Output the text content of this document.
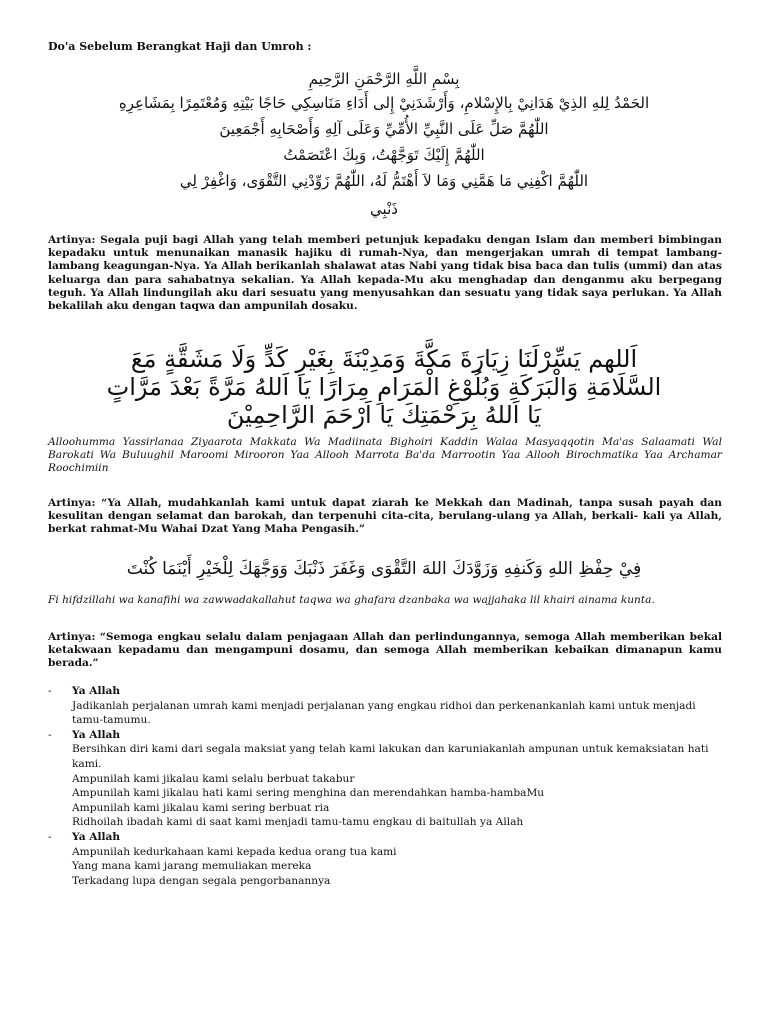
Do'a Sebelum Berangkat Haji dan Umroh :
بِسْمِ اللَّهِ الرَّحْمَنِ الرَّحِيمِ
الحَمْدُ لِلهِ الذِيْ هَدَانِيْ بِالإِسْلامِ، وَأَرْشَدَنِيْ إِلى أَدَاءِ مَنَاسِكِي حَاجًا بَيْتِهِ وَمُعْتَمِرًا بِمَشَاعِرِهِ
اللّٰهُمَّ صَلِّ عَلَى النَّبِيِّ الأُمِّيِّ وَعَلَى آلِهِ وَأَصْحَابِهِ أَجْمَعِينَ
اللّٰهُمَّ إِلَيْكَ تَوَجَّهْتُ، وَبِكَ اعْتَصَمْتُ
اللّٰهُمَّ اكْفِنِي مَا هَمَّنِي وَمَا لاَ أَهْتَمُّ لَهُ، اللّٰهُمَّ زَوِّدْنِي التَّقْوَى، وَاغْفِرْ لِي
ذَنْبِي
Artinya: Segala puji bagi Allah yang telah memberi petunjuk kepadaku dengan Islam dan memberi bimbingan kepadaku untuk menunaikan manasik hajiku di rumah-Nya, dan mengerjakan umrah di tempat lambang-lambang keagungan-Nya. Ya Allah berikanlah shalawat atas Nabi yang tidak bisa baca dan tulis (ummi) dan atas keluarga dan para sahabatnya sekalian. Ya Allah kepada-Mu aku menghadap dan denganmu aku berpegang teguh. Ya Allah lindungilah aku dari sesuatu yang menyusahkan dan sesuatu yang tidak saya perlukan. Ya Allah bekalilah aku dengan taqwa dan ampunilah dosaku.
اَللهم يَسِّرْلَنَا زِيَارَةَ مَكَّةَ وَمَدِيْنَةَ بِغَيْرِ كَدٍّ وَلَا مَشَقَّةٍ مَعَ
السَّلَامَةِ وَالْبَرَكَةِ وَبُلُوْغِ الْمَرَامِ مِرَارًا يَا اَللهُ مَرَّةً بَعْدَ مَرَّاتٍ
يَا اَللهُ بِرَحْمَتِكَ يَا اَرْحَمَ الرَّاحِمِيْنَ
Alloohumma Yassirlanaa Ziyaarota Makkata Wa Madiinata Bighoiri Kaddin Walaa Masyaqqotin Ma'as Salaamati Wal Barokati Wa Buluughil Maroomi Mirooron Yaa Allooh Marrota Ba'da Marrootin Yaa Allooh Birochmatika Yaa Archamar Roochimiin
Artinya: “Ya Allah, mudahkanlah kami untuk dapat ziarah ke Mekkah dan Madinah, tanpa susah payah dan kesulitan dengan selamat dan barokah, dan terpenuhi cita-cita, berulang-ulang ya Allah, berkali- kali ya Allah, berkat rahmat-Mu Wahai Dzat Yang Maha Pengasih.”
فِيْ حِفْظِ اللهِ وَكَنفِهِ وَزَوَّدَكَ اللهَ التَّقْوَى وَغَفَرَ ذَنْبَكَ وَوَجَّهَكَ لِلْخَيْرِ أَيْنَمَا كُنْتَ
Fi hifdzillahi wa kanafihi wa zawwadakallahut taqwa wa ghafara dzanbaka wa wajjahaka lil khairi ainama kunta.
Artinya: “Semoga engkau selalu dalam penjagaan Allah dan perlindungannya, semoga Allah memberikan bekal ketakwaan kepadamu dan mengampuni dosamu, dan semoga Allah memberikan kebaikan dimanapun kamu berada.”
- Ya Allah
Jadikanlah perjalanan umrah kami menjadi perjalanan yang engkau ridhoi dan perkenankanlah kami untuk menjadi tamu-tamumu.
- Ya Allah
Bersihkan diri kami dari segala maksiat yang telah kami lakukan dan karuniakanlah ampunan untuk kemaksiatan hati kami.
Ampunilah kami jikalau kami selalu berbuat takabur
Ampunilah kami jikalau hati kami sering menghina dan merendahkan hamba-hambaMu
Ampunilah kami jikalau kami sering berbuat ria
Ridhoilah ibadah kami di saat kami menjadi tamu-tamu engkau di baitullah ya Allah
- Ya Allah
Ampunilah kedurkahaan kami kepada kedua orang tua kami
Yang mana kami jarang memuliakan mereka
Terkadang lupa dengan segala pengorbanannya
